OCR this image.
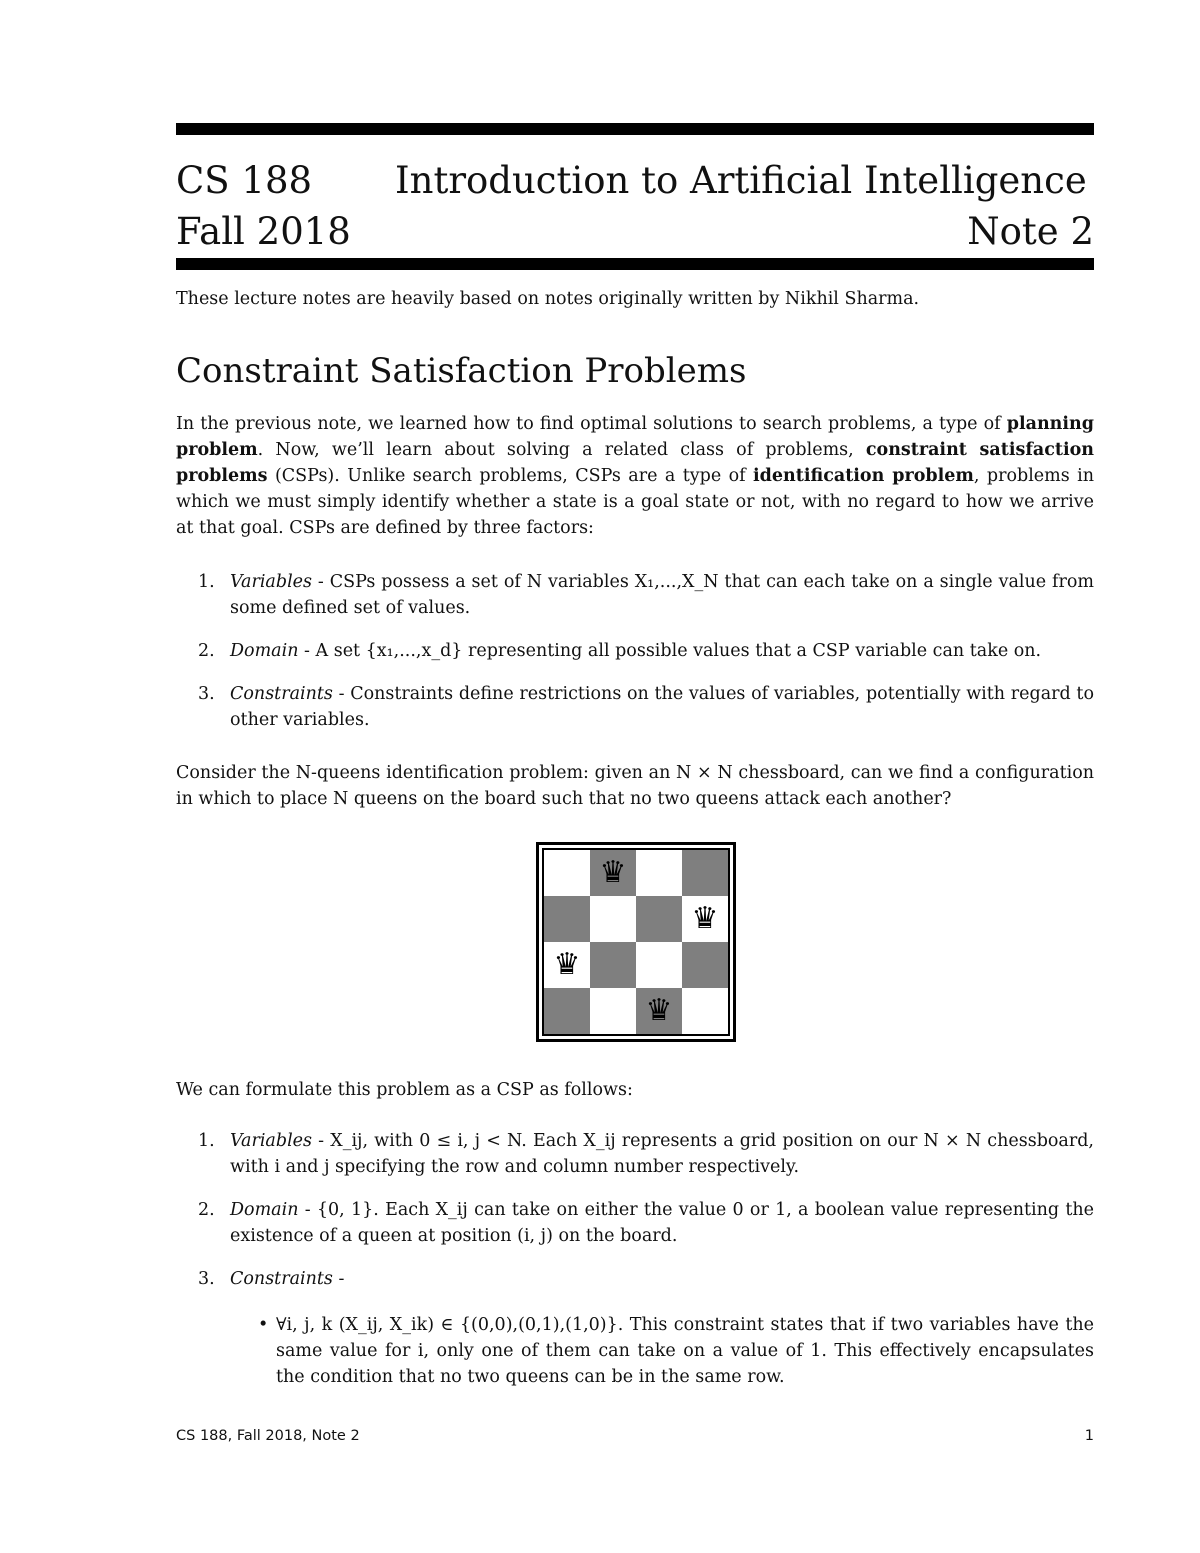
CS 188 Introduction to Artificial Intelligence
Fall 2018	Note 2
These lecture notes are heavily based on notes originally written by Nikhil Sharma.
Constraint Satisfaction Problems
In the previous note, we learned how to find optimal solutions to search problems, a type of planning problem. Now, we’ll learn about solving a related class of problems, constraint satisfaction problems (CSPs). Unlike search problems, CSPs are a type of identification problem, problems in which we must simply identify whether a state is a goal state or not, with no regard to how we arrive at that goal. CSPs are defined by three factors:
1. Variables - CSPs possess a set of N variables X₁,...,X_N that can each take on a single value from some defined set of values.
2. Domain - A set {x₁,...,x_d} representing all possible values that a CSP variable can take on.
3. Constraints - Constraints define restrictions on the values of variables, potentially with regard to other variables.
Consider the N-queens identification problem: given an N × N chessboard, can we find a configuration in which to place N queens on the board such that no two queens attack each another?
♛
♛
♛
♛
We can formulate this problem as a CSP as follows:
1. Variables - X_ij, with 0 ≤ i, j < N. Each X_ij represents a grid position on our N × N chessboard, with i and j specifying the row and column number respectively.
2. Domain - {0, 1}. Each X_ij can take on either the value 0 or 1, a boolean value representing the existence of a queen at position (i, j) on the board.
3. Constraints -
• ∀i, j, k (X_ij, X_ik) ∈ {(0,0),(0,1),(1,0)}. This constraint states that if two variables have the same value for i, only one of them can take on a value of 1. This effectively encapsulates the condition that no two queens can be in the same row.
CS 188, Fall 2018, Note 2	1
